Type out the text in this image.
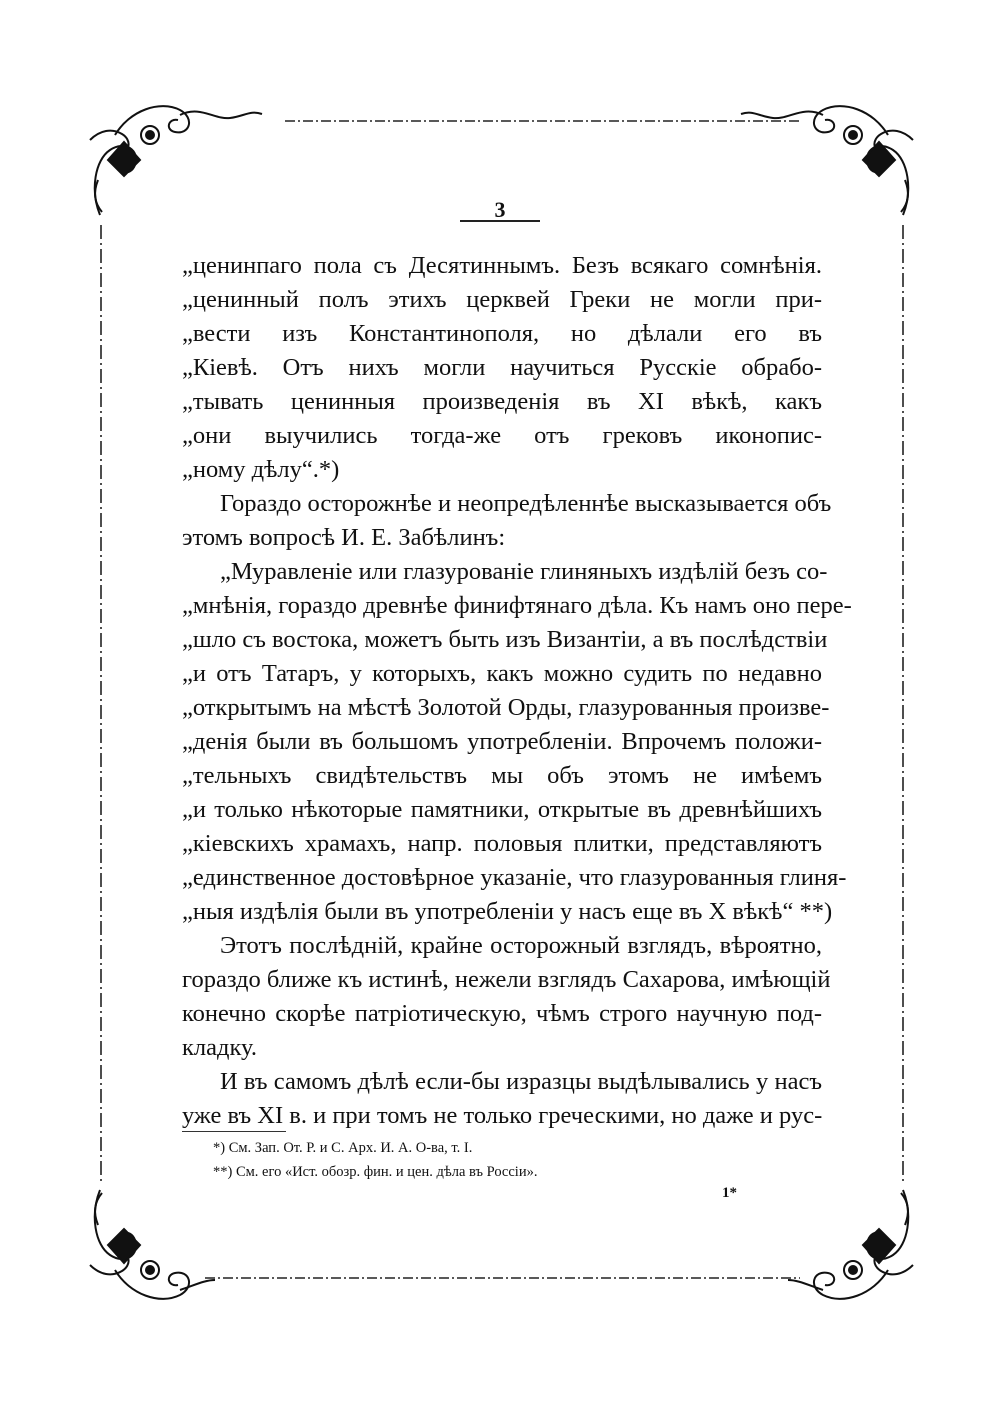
3
„ценинпаго пола съ Десятиннымъ. Безъ всякаго сомнѣнія.
„ценинный полъ этихъ церквей Греки не могли при-
„вести изъ Константинополя, но дѣлали его въ
„Кіевѣ. Отъ нихъ могли научиться Русскіе обрабо-
„тывать ценинныя произведенія въ XI вѣкѣ, какъ
„они выучились тогда-же отъ грековъ иконопис-
„ному дѣлу“.*)
Гораздо осторожнѣе и неопредѣленнѣе высказывается объ
этомъ вопросѣ И. Е. Забѣлинъ:
„Муравленіе или глазурованіе глиняныхъ издѣлій безъ со-
„мнѣнія, гораздо древнѣе финифтянаго дѣла. Къ намъ оно пере-
„шло съ востока, можетъ быть изъ Византіи, а въ послѣдствіи
„и отъ Татаръ, у которыхъ, какъ можно судить по недавно
„открытымъ на мѣстѣ Золотой Орды, глазурованныя произве-
„денія были въ большомъ употребленіи. Впрочемъ положи-
„тельныхъ свидѣтельствъ мы объ этомъ не имѣемъ
„и только нѣкоторые памятники, открытые въ древнѣйшихъ
„кіевскихъ храмахъ, напр. половыя плитки, представляютъ
„единственное достовѣрное указаніе, что глазурованныя глиня-
„ныя издѣлія были въ употребленіи у насъ еще въ X вѣкѣ“ **)
Этотъ послѣдній, крайне осторожный взглядъ, вѣроятно,
гораздо ближе къ истинѣ, нежели взглядъ Сахарова, имѣющій
конечно скорѣе патріотическую, чѣмъ строго научную под-
кладку.
И въ самомъ дѣлѣ если-бы изразцы выдѣлывались у насъ
уже въ XI в. и при томъ не только греческими, но даже и рус-
*) См. Зап. От. Р. и С. Арх. И. А. О-ва, т. I.
**) См. его «Ист. обозр. фин. и цен. дѣла въ Россіи».
1*
